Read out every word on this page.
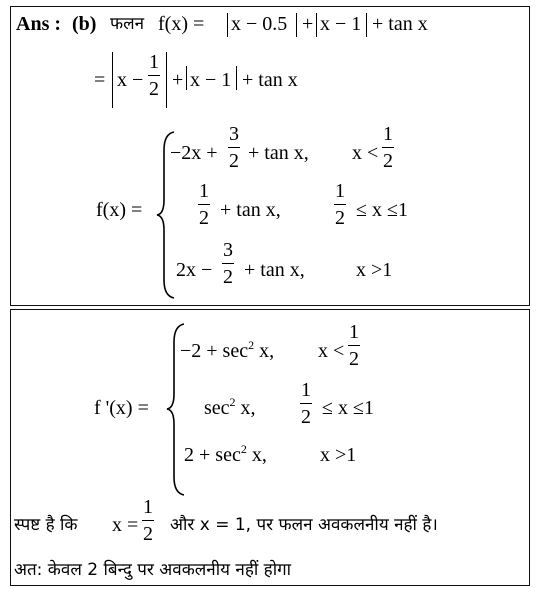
Ans : (b) फलन f(x) = x − 0.5 + x − 1 + tan x
= x −
1
2 + x − 1 + tan x
f(x) =
−2x +
3
2 + tan x, x <
1
2
1
2 + tan x,
1
2 ≤ x ≤1
2x −
3
2 + tan x,	x >1
f '(x) =
$-2 + \sec^2 x$, x <
1
2
$\sec^2 x$,
1
2 ≤ x ≤1
$2 + \sec^2 x$,	x >1
स्पष्ट है कि x =
1
2 और x = 1, पर फलन अवकलनीय नहीं है।
अत: केवल 2 बिन्दु पर अवकलनीय नहीं होगा
